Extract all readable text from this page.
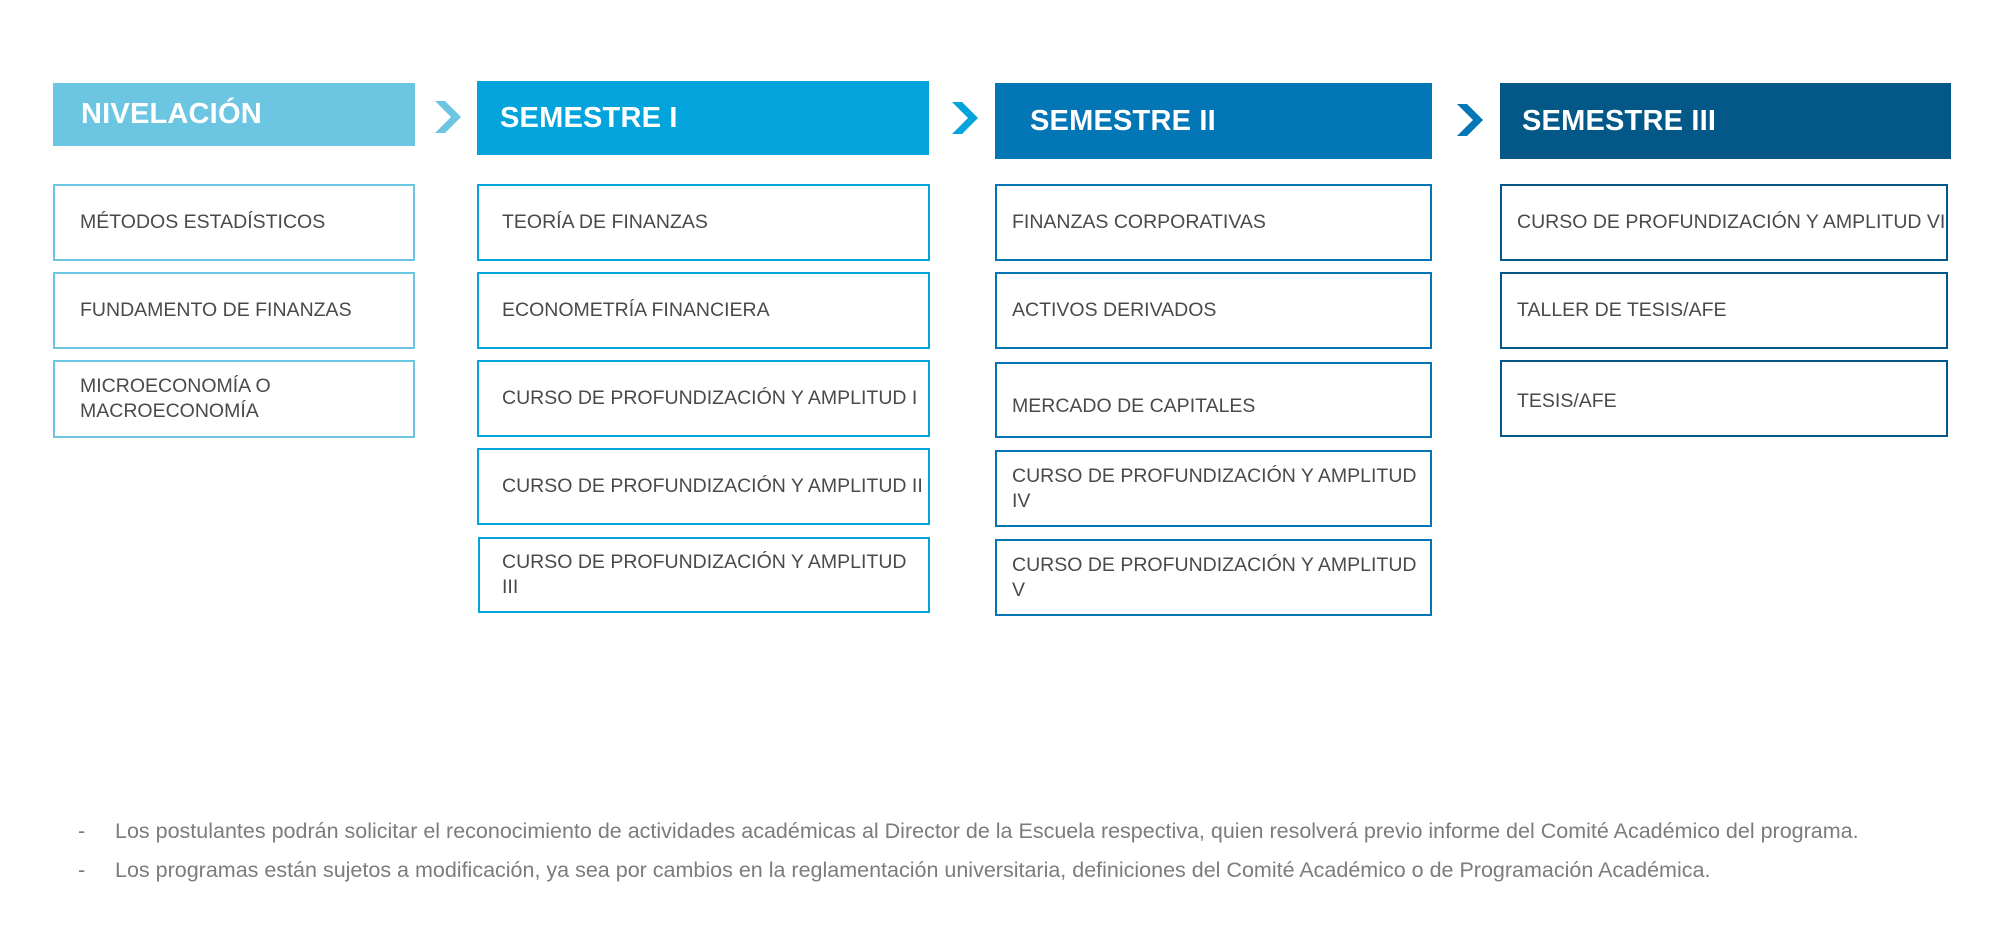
NIVELACIÓN
MÉTODOS ESTADÍSTICOS
FUNDAMENTO DE FINANZAS
MICROECONOMÍA O
MACROECONOMÍA
SEMESTRE I
TEORÍA DE FINANZAS
ECONOMETRÍA FINANCIERA
CURSO DE PROFUNDIZACIÓN Y AMPLITUD I
CURSO DE PROFUNDIZACIÓN Y AMPLITUD II
CURSO DE PROFUNDIZACIÓN Y AMPLITUD III
SEMESTRE II
FINANZAS CORPORATIVAS
ACTIVOS DERIVADOS
MERCADO DE CAPITALES
CURSO DE PROFUNDIZACIÓN Y AMPLITUD IV
CURSO DE PROFUNDIZACIÓN Y AMPLITUD V
SEMESTRE III
CURSO DE PROFUNDIZACIÓN Y AMPLITUD VI
TALLER DE TESIS/AFE
TESIS/AFE
- Los postulantes podrán solicitar el reconocimiento de actividades académicas al Director de la Escuela respectiva, quien resolverá previo informe del Comité Académico del programa.
- Los programas están sujetos a modificación, ya sea por cambios en la reglamentación universitaria, definiciones del Comité Académico o de Programación Académica.
